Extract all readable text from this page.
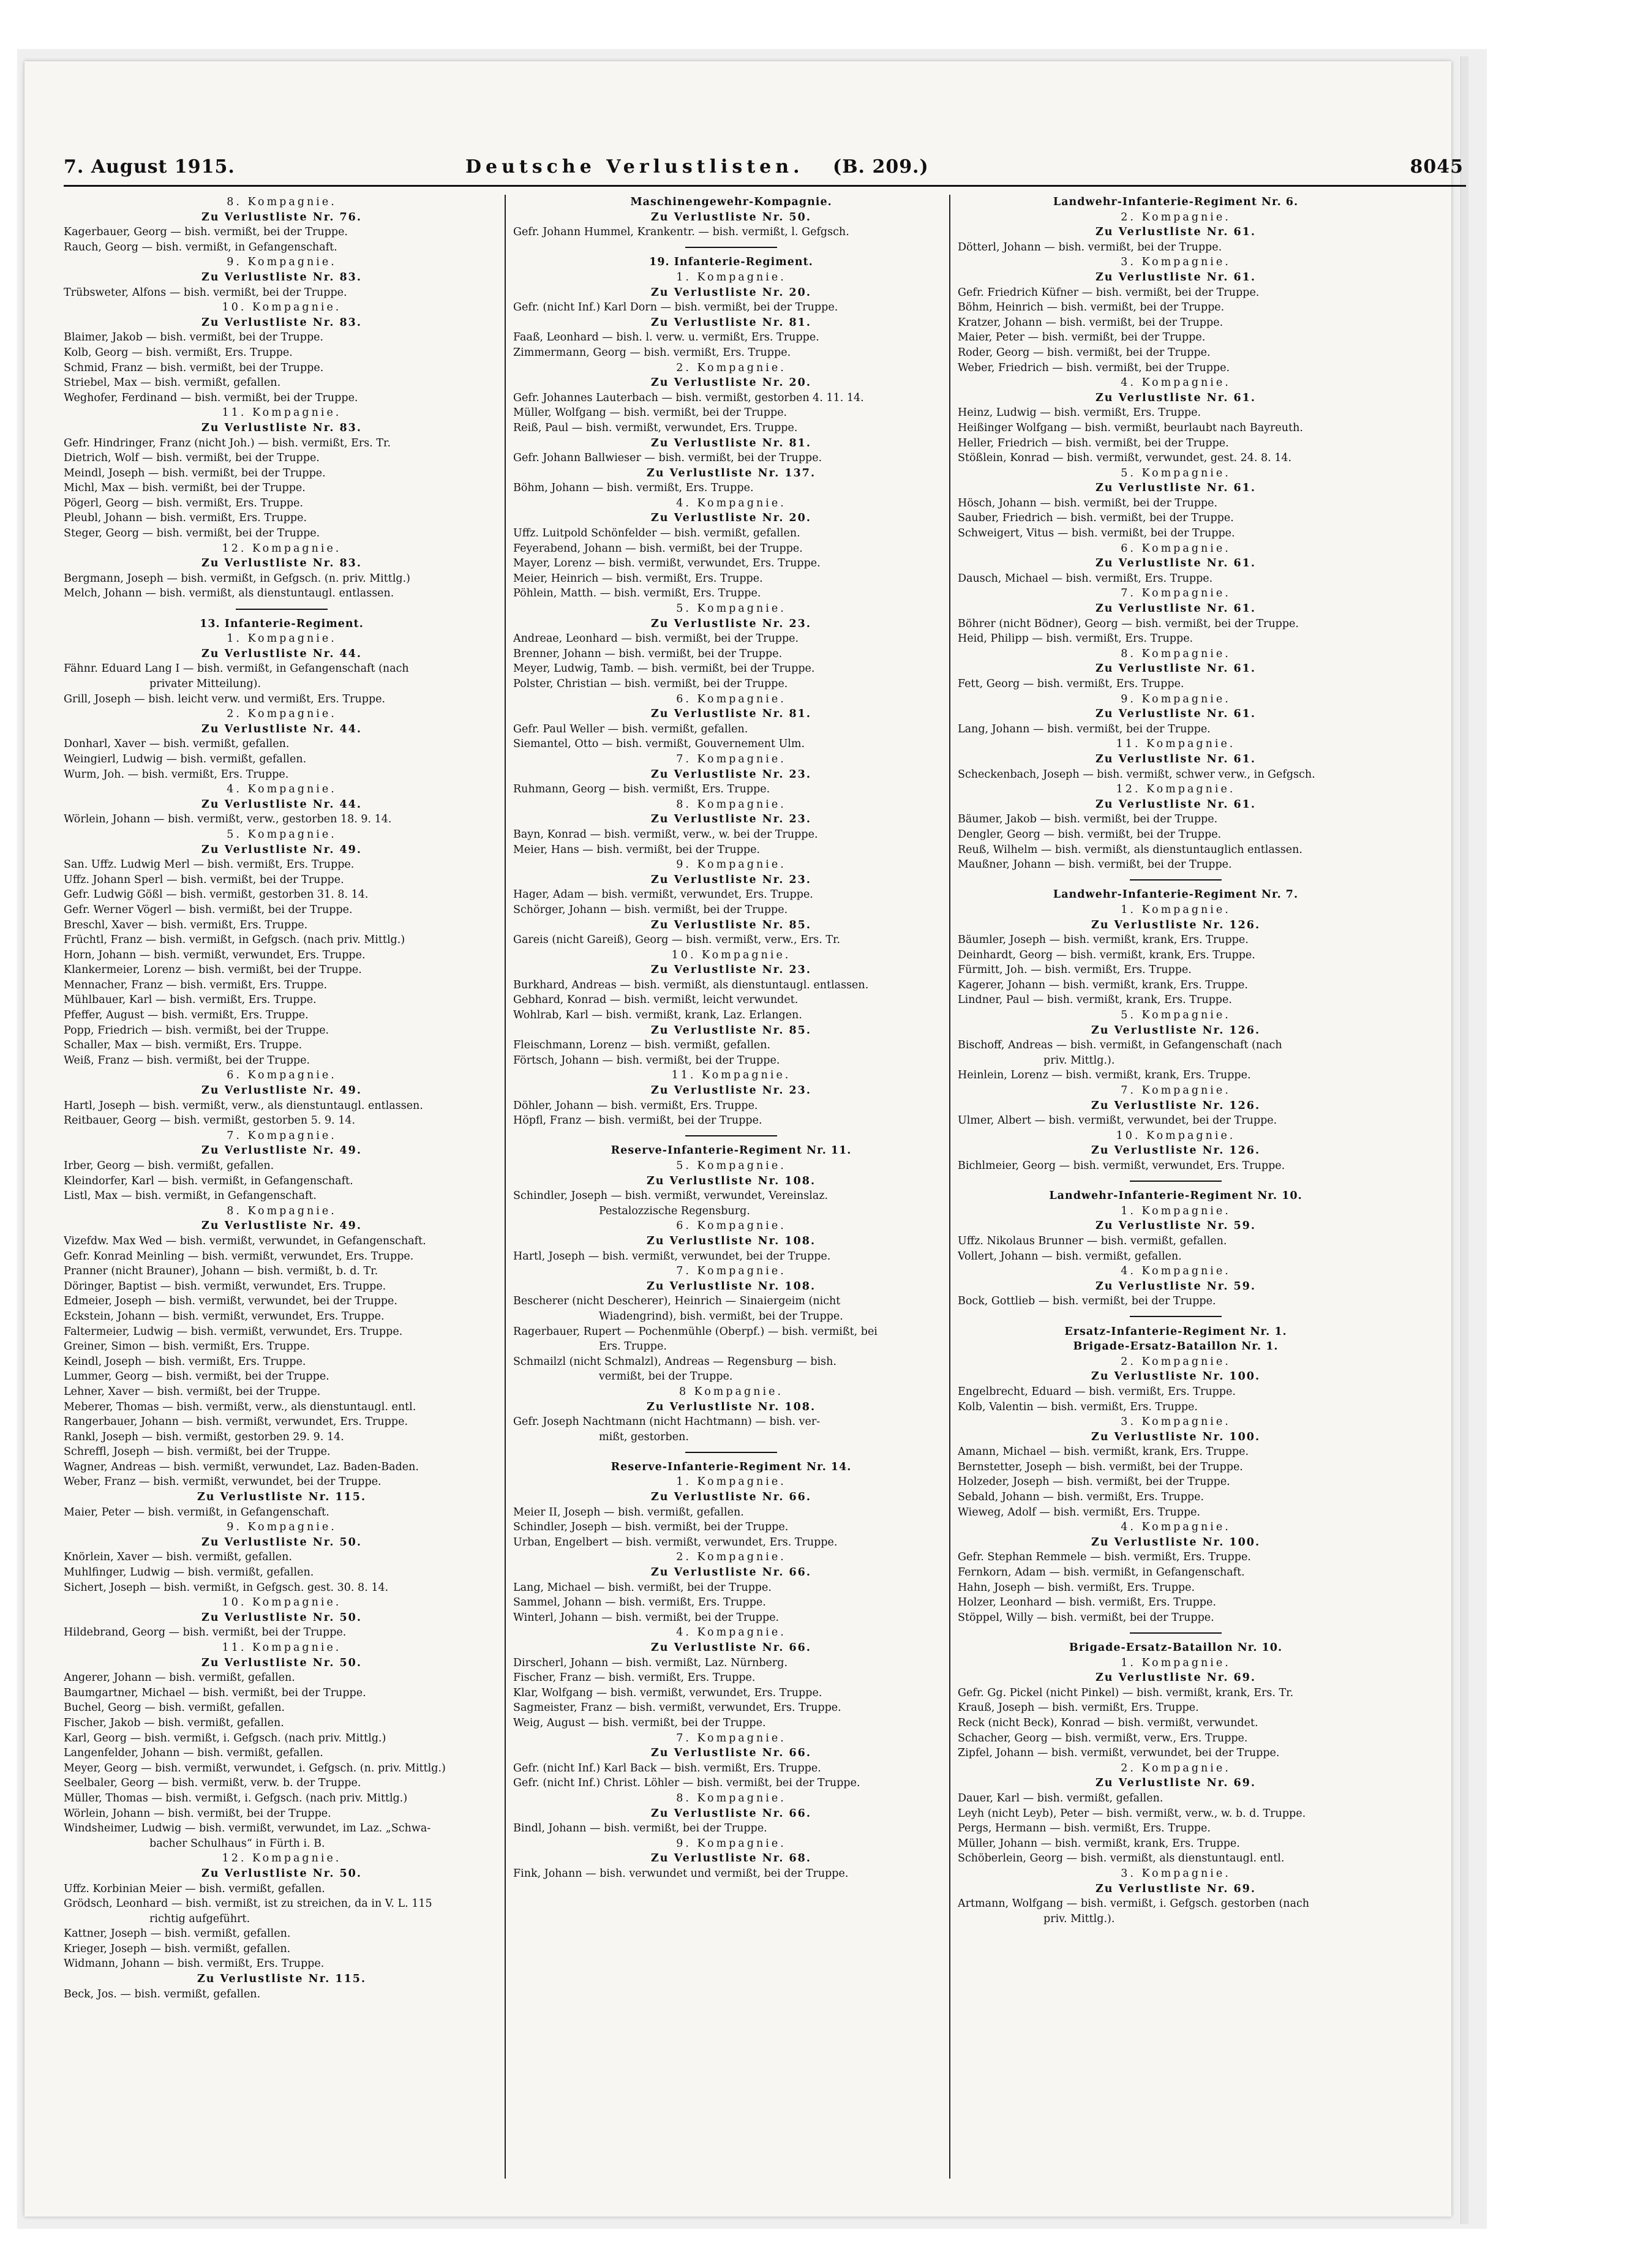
7. August 1915.	Deutsche Verlustlisten. (B. 209.)	8045
8. Kompagnie.
Zu Verlustliste Nr. 76.
Kagerbauer, Georg — bish. vermißt, bei der Truppe.
Rauch, Georg — bish. vermißt, in Gefangenschaft.
9. Kompagnie.
Zu Verlustliste Nr. 83.
Trübsweter, Alfons — bish. vermißt, bei der Truppe.
10. Kompagnie.
Zu Verlustliste Nr. 83.
Blaimer, Jakob — bish. vermißt, bei der Truppe.
Kolb, Georg — bish. vermißt, Ers. Truppe.
Schmid, Franz — bish. vermißt, bei der Truppe.
Striebel, Max — bish. vermißt, gefallen.
Weghofer, Ferdinand — bish. vermißt, bei der Truppe.
11. Kompagnie.
Zu Verlustliste Nr. 83.
Gefr. Hindringer, Franz (nicht Joh.) — bish. vermißt, Ers. Tr.
Dietrich, Wolf — bish. vermißt, bei der Truppe.
Meindl, Joseph — bish. vermißt, bei der Truppe.
Michl, Max — bish. vermißt, bei der Truppe.
Pögerl, Georg — bish. vermißt, Ers. Truppe.
Pleubl, Johann — bish. vermißt, Ers. Truppe.
Steger, Georg — bish. vermißt, bei der Truppe.
12. Kompagnie.
Zu Verlustliste Nr. 83.
Bergmann, Joseph — bish. vermißt, in Gefgsch. (n. priv. Mittlg.)
Melch, Johann — bish. vermißt, als dienstuntaugl. entlassen.
13. Infanterie-Regiment.
1. Kompagnie.
Zu Verlustliste Nr. 44.
Fähnr. Eduard Lang I — bish. vermißt, in Gefangenschaft (nach
privater Mitteilung).
Grill, Joseph — bish. leicht verw. und vermißt, Ers. Truppe.
2. Kompagnie.
Zu Verlustliste Nr. 44.
Donharl, Xaver — bish. vermißt, gefallen.
Weingierl, Ludwig — bish. vermißt, gefallen.
Wurm, Joh. — bish. vermißt, Ers. Truppe.
4. Kompagnie.
Zu Verlustliste Nr. 44.
Wörlein, Johann — bish. vermißt, verw., gestorben 18. 9. 14.
5. Kompagnie.
Zu Verlustliste Nr. 49.
San. Uffz. Ludwig Merl — bish. vermißt, Ers. Truppe.
Uffz. Johann Sperl — bish. vermißt, bei der Truppe.
Gefr. Ludwig Gößl — bish. vermißt, gestorben 31. 8. 14.
Gefr. Werner Vögerl — bish. vermißt, bei der Truppe.
Breschl, Xaver — bish. vermißt, Ers. Truppe.
Früchtl, Franz — bish. vermißt, in Gefgsch. (nach priv. Mittlg.)
Horn, Johann — bish. vermißt, verwundet, Ers. Truppe.
Klankermeier, Lorenz — bish. vermißt, bei der Truppe.
Mennacher, Franz — bish. vermißt, Ers. Truppe.
Mühlbauer, Karl — bish. vermißt, Ers. Truppe.
Pfeffer, August — bish. vermißt, Ers. Truppe.
Popp, Friedrich — bish. vermißt, bei der Truppe.
Schaller, Max — bish. vermißt, Ers. Truppe.
Weiß, Franz — bish. vermißt, bei der Truppe.
6. Kompagnie.
Zu Verlustliste Nr. 49.
Hartl, Joseph — bish. vermißt, verw., als dienstuntaugl. entlassen.
Reitbauer, Georg — bish. vermißt, gestorben 5. 9. 14.
7. Kompagnie.
Zu Verlustliste Nr. 49.
Irber, Georg — bish. vermißt, gefallen.
Kleindorfer, Karl — bish. vermißt, in Gefangenschaft.
Listl, Max — bish. vermißt, in Gefangenschaft.
8. Kompagnie.
Zu Verlustliste Nr. 49.
Vizefdw. Max Wed — bish. vermißt, verwundet, in Gefangenschaft.
Gefr. Konrad Meinling — bish. vermißt, verwundet, Ers. Truppe.
Pranner (nicht Brauner), Johann — bish. vermißt, b. d. Tr.
Döringer, Baptist — bish. vermißt, verwundet, Ers. Truppe.
Edmeier, Joseph — bish. vermißt, verwundet, bei der Truppe.
Eckstein, Johann — bish. vermißt, verwundet, Ers. Truppe.
Faltermeier, Ludwig — bish. vermißt, verwundet, Ers. Truppe.
Greiner, Simon — bish. vermißt, Ers. Truppe.
Keindl, Joseph — bish. vermißt, Ers. Truppe.
Lummer, Georg — bish. vermißt, bei der Truppe.
Lehner, Xaver — bish. vermißt, bei der Truppe.
Meberer, Thomas — bish. vermißt, verw., als dienstuntaugl. entl.
Rangerbauer, Johann — bish. vermißt, verwundet, Ers. Truppe.
Rankl, Joseph — bish. vermißt, gestorben 29. 9. 14.
Schreffl, Joseph — bish. vermißt, bei der Truppe.
Wagner, Andreas — bish. vermißt, verwundet, Laz. Baden-Baden.
Weber, Franz — bish. vermißt, verwundet, bei der Truppe.
Zu Verlustliste Nr. 115.
Maier, Peter — bish. vermißt, in Gefangenschaft.
9. Kompagnie.
Zu Verlustliste Nr. 50.
Knörlein, Xaver — bish. vermißt, gefallen.
Muhlfinger, Ludwig — bish. vermißt, gefallen.
Sichert, Joseph — bish. vermißt, in Gefgsch. gest. 30. 8. 14.
10. Kompagnie.
Zu Verlustliste Nr. 50.
Hildebrand, Georg — bish. vermißt, bei der Truppe.
11. Kompagnie.
Zu Verlustliste Nr. 50.
Angerer, Johann — bish. vermißt, gefallen.
Baumgartner, Michael — bish. vermißt, bei der Truppe.
Buchel, Georg — bish. vermißt, gefallen.
Fischer, Jakob — bish. vermißt, gefallen.
Karl, Georg — bish. vermißt, i. Gefgsch. (nach priv. Mittlg.)
Langenfelder, Johann — bish. vermißt, gefallen.
Meyer, Georg — bish. vermißt, verwundet, i. Gefgsch. (n. priv. Mittlg.)
Seelbaler, Georg — bish. vermißt, verw. b. der Truppe.
Müller, Thomas — bish. vermißt, i. Gefgsch. (nach priv. Mittlg.)
Wörlein, Johann — bish. vermißt, bei der Truppe.
Windsheimer, Ludwig — bish. vermißt, verwundet, im Laz. „Schwa-
bacher Schulhaus“ in Fürth i. B.
12. Kompagnie.
Zu Verlustliste Nr. 50.
Uffz. Korbinian Meier — bish. vermißt, gefallen.
Grödsch, Leonhard — bish. vermißt, ist zu streichen, da in V. L. 115
richtig aufgeführt.
Kattner, Joseph — bish. vermißt, gefallen.
Krieger, Joseph — bish. vermißt, gefallen.
Widmann, Johann — bish. vermißt, Ers. Truppe.
Zu Verlustliste Nr. 115.
Beck, Jos. — bish. vermißt, gefallen.
Maschinengewehr-Kompagnie.
Zu Verlustliste Nr. 50.
Gefr. Johann Hummel, Krankentr. — bish. vermißt, l. Gefgsch.
19. Infanterie-Regiment.
1. Kompagnie.
Zu Verlustliste Nr. 20.
Gefr. (nicht Inf.) Karl Dorn — bish. vermißt, bei der Truppe.
Zu Verlustliste Nr. 81.
Faaß, Leonhard — bish. l. verw. u. vermißt, Ers. Truppe.
Zimmermann, Georg — bish. vermißt, Ers. Truppe.
2. Kompagnie.
Zu Verlustliste Nr. 20.
Gefr. Johannes Lauterbach — bish. vermißt, gestorben 4. 11. 14.
Müller, Wolfgang — bish. vermißt, bei der Truppe.
Reiß, Paul — bish. vermißt, verwundet, Ers. Truppe.
Zu Verlustliste Nr. 81.
Gefr. Johann Ballwieser — bish. vermißt, bei der Truppe.
Zu Verlustliste Nr. 137.
Böhm, Johann — bish. vermißt, Ers. Truppe.
4. Kompagnie.
Zu Verlustliste Nr. 20.
Uffz. Luitpold Schönfelder — bish. vermißt, gefallen.
Feyerabend, Johann — bish. vermißt, bei der Truppe.
Mayer, Lorenz — bish. vermißt, verwundet, Ers. Truppe.
Meier, Heinrich — bish. vermißt, Ers. Truppe.
Pöhlein, Matth. — bish. vermißt, Ers. Truppe.
5. Kompagnie.
Zu Verlustliste Nr. 23.
Andreae, Leonhard — bish. vermißt, bei der Truppe.
Brenner, Johann — bish. vermißt, bei der Truppe.
Meyer, Ludwig, Tamb. — bish. vermißt, bei der Truppe.
Polster, Christian — bish. vermißt, bei der Truppe.
6. Kompagnie.
Zu Verlustliste Nr. 81.
Gefr. Paul Weller — bish. vermißt, gefallen.
Siemantel, Otto — bish. vermißt, Gouvernement Ulm.
7. Kompagnie.
Zu Verlustliste Nr. 23.
Ruhmann, Georg — bish. vermißt, Ers. Truppe.
8. Kompagnie.
Zu Verlustliste Nr. 23.
Bayn, Konrad — bish. vermißt, verw., w. bei der Truppe.
Meier, Hans — bish. vermißt, bei der Truppe.
9. Kompagnie.
Zu Verlustliste Nr. 23.
Hager, Adam — bish. vermißt, verwundet, Ers. Truppe.
Schörger, Johann — bish. vermißt, bei der Truppe.
Zu Verlustliste Nr. 85.
Gareis (nicht Gareiß), Georg — bish. vermißt, verw., Ers. Tr.
10. Kompagnie.
Zu Verlustliste Nr. 23.
Burkhard, Andreas — bish. vermißt, als dienstuntaugl. entlassen.
Gebhard, Konrad — bish. vermißt, leicht verwundet.
Wohlrab, Karl — bish. vermißt, krank, Laz. Erlangen.
Zu Verlustliste Nr. 85.
Fleischmann, Lorenz — bish. vermißt, gefallen.
Förtsch, Johann — bish. vermißt, bei der Truppe.
11. Kompagnie.
Zu Verlustliste Nr. 23.
Döhler, Johann — bish. vermißt, Ers. Truppe.
Höpfl, Franz — bish. vermißt, bei der Truppe.
Reserve-Infanterie-Regiment Nr. 11.
5. Kompagnie.
Zu Verlustliste Nr. 108.
Schindler, Joseph — bish. vermißt, verwundet, Vereinslaz.
Pestalozzische Regensburg.
6. Kompagnie.
Zu Verlustliste Nr. 108.
Hartl, Joseph — bish. vermißt, verwundet, bei der Truppe.
7. Kompagnie.
Zu Verlustliste Nr. 108.
Bescherer (nicht Descherer), Heinrich — Sinaiergeim (nicht
Wiadengrind), bish. vermißt, bei der Truppe.
Ragerbauer, Rupert — Pochenmühle (Oberpf.) — bish. vermißt, bei
Ers. Truppe.
Schmailzl (nicht Schmalzl), Andreas — Regensburg — bish.
vermißt, bei der Truppe.
8 Kompagnie.
Zu Verlustliste Nr. 108.
Gefr. Joseph Nachtmann (nicht Hachtmann) — bish. ver-
mißt, gestorben.
Reserve-Infanterie-Regiment Nr. 14.
1. Kompagnie.
Zu Verlustliste Nr. 66.
Meier II, Joseph — bish. vermißt, gefallen.
Schindler, Joseph — bish. vermißt, bei der Truppe.
Urban, Engelbert — bish. vermißt, verwundet, Ers. Truppe.
2. Kompagnie.
Zu Verlustliste Nr. 66.
Lang, Michael — bish. vermißt, bei der Truppe.
Sammel, Johann — bish. vermißt, Ers. Truppe.
Winterl, Johann — bish. vermißt, bei der Truppe.
4. Kompagnie.
Zu Verlustliste Nr. 66.
Dirscherl, Johann — bish. vermißt, Laz. Nürnberg.
Fischer, Franz — bish. vermißt, Ers. Truppe.
Klar, Wolfgang — bish. vermißt, verwundet, Ers. Truppe.
Sagmeister, Franz — bish. vermißt, verwundet, Ers. Truppe.
Weig, August — bish. vermißt, bei der Truppe.
7. Kompagnie.
Zu Verlustliste Nr. 66.
Gefr. (nicht Inf.) Karl Back — bish. vermißt, Ers. Truppe.
Gefr. (nicht Inf.) Christ. Löhler — bish. vermißt, bei der Truppe.
8. Kompagnie.
Zu Verlustliste Nr. 66.
Bindl, Johann — bish. vermißt, bei der Truppe.
9. Kompagnie.
Zu Verlustliste Nr. 68.
Fink, Johann — bish. verwundet und vermißt, bei der Truppe.
Landwehr-Infanterie-Regiment Nr. 6.
2. Kompagnie.
Zu Verlustliste Nr. 61.
Dötterl, Johann — bish. vermißt, bei der Truppe.
3. Kompagnie.
Zu Verlustliste Nr. 61.
Gefr. Friedrich Küfner — bish. vermißt, bei der Truppe.
Böhm, Heinrich — bish. vermißt, bei der Truppe.
Kratzer, Johann — bish. vermißt, bei der Truppe.
Maier, Peter — bish. vermißt, bei der Truppe.
Roder, Georg — bish. vermißt, bei der Truppe.
Weber, Friedrich — bish. vermißt, bei der Truppe.
4. Kompagnie.
Zu Verlustliste Nr. 61.
Heinz, Ludwig — bish. vermißt, Ers. Truppe.
Heißinger Wolfgang — bish. vermißt, beurlaubt nach Bayreuth.
Heller, Friedrich — bish. vermißt, bei der Truppe.
Stößlein, Konrad — bish. vermißt, verwundet, gest. 24. 8. 14.
5. Kompagnie.
Zu Verlustliste Nr. 61.
Hösch, Johann — bish. vermißt, bei der Truppe.
Sauber, Friedrich — bish. vermißt, bei der Truppe.
Schweigert, Vitus — bish. vermißt, bei der Truppe.
6. Kompagnie.
Zu Verlustliste Nr. 61.
Dausch, Michael — bish. vermißt, Ers. Truppe.
7. Kompagnie.
Zu Verlustliste Nr. 61.
Böhrer (nicht Bödner), Georg — bish. vermißt, bei der Truppe.
Heid, Philipp — bish. vermißt, Ers. Truppe.
8. Kompagnie.
Zu Verlustliste Nr. 61.
Fett, Georg — bish. vermißt, Ers. Truppe.
9. Kompagnie.
Zu Verlustliste Nr. 61.
Lang, Johann — bish. vermißt, bei der Truppe.
11. Kompagnie.
Zu Verlustliste Nr. 61.
Scheckenbach, Joseph — bish. vermißt, schwer verw., in Gefgsch.
12. Kompagnie.
Zu Verlustliste Nr. 61.
Bäumer, Jakob — bish. vermißt, bei der Truppe.
Dengler, Georg — bish. vermißt, bei der Truppe.
Reuß, Wilhelm — bish. vermißt, als dienstuntauglich entlassen.
Maußner, Johann — bish. vermißt, bei der Truppe.
Landwehr-Infanterie-Regiment Nr. 7.
1. Kompagnie.
Zu Verlustliste Nr. 126.
Bäumler, Joseph — bish. vermißt, krank, Ers. Truppe.
Deinhardt, Georg — bish. vermißt, krank, Ers. Truppe.
Fürmitt, Joh. — bish. vermißt, Ers. Truppe.
Kagerer, Johann — bish. vermißt, krank, Ers. Truppe.
Lindner, Paul — bish. vermißt, krank, Ers. Truppe.
5. Kompagnie.
Zu Verlustliste Nr. 126.
Bischoff, Andreas — bish. vermißt, in Gefangenschaft (nach
priv. Mittlg.).
Heinlein, Lorenz — bish. vermißt, krank, Ers. Truppe.
7. Kompagnie.
Zu Verlustliste Nr. 126.
Ulmer, Albert — bish. vermißt, verwundet, bei der Truppe.
10. Kompagnie.
Zu Verlustliste Nr. 126.
Bichlmeier, Georg — bish. vermißt, verwundet, Ers. Truppe.
Landwehr-Infanterie-Regiment Nr. 10.
1. Kompagnie.
Zu Verlustliste Nr. 59.
Uffz. Nikolaus Brunner — bish. vermißt, gefallen.
Vollert, Johann — bish. vermißt, gefallen.
4. Kompagnie.
Zu Verlustliste Nr. 59.
Bock, Gottlieb — bish. vermißt, bei der Truppe.
Ersatz-Infanterie-Regiment Nr. 1.
Brigade-Ersatz-Bataillon Nr. 1.
2. Kompagnie.
Zu Verlustliste Nr. 100.
Engelbrecht, Eduard — bish. vermißt, Ers. Truppe.
Kolb, Valentin — bish. vermißt, Ers. Truppe.
3. Kompagnie.
Zu Verlustliste Nr. 100.
Amann, Michael — bish. vermißt, krank, Ers. Truppe.
Bernstetter, Joseph — bish. vermißt, bei der Truppe.
Holzeder, Joseph — bish. vermißt, bei der Truppe.
Sebald, Johann — bish. vermißt, Ers. Truppe.
Wieweg, Adolf — bish. vermißt, Ers. Truppe.
4. Kompagnie.
Zu Verlustliste Nr. 100.
Gefr. Stephan Remmele — bish. vermißt, Ers. Truppe.
Fernkorn, Adam — bish. vermißt, in Gefangenschaft.
Hahn, Joseph — bish. vermißt, Ers. Truppe.
Holzer, Leonhard — bish. vermißt, Ers. Truppe.
Stöppel, Willy — bish. vermißt, bei der Truppe.
Brigade-Ersatz-Bataillon Nr. 10.
1. Kompagnie.
Zu Verlustliste Nr. 69.
Gefr. Gg. Pickel (nicht Pinkel) — bish. vermißt, krank, Ers. Tr.
Krauß, Joseph — bish. vermißt, Ers. Truppe.
Reck (nicht Beck), Konrad — bish. vermißt, verwundet.
Schacher, Georg — bish. vermißt, verw., Ers. Truppe.
Zipfel, Johann — bish. vermißt, verwundet, bei der Truppe.
2. Kompagnie.
Zu Verlustliste Nr. 69.
Dauer, Karl — bish. vermißt, gefallen.
Leyh (nicht Leyb), Peter — bish. vermißt, verw., w. b. d. Truppe.
Pergs, Hermann — bish. vermißt, Ers. Truppe.
Müller, Johann — bish. vermißt, krank, Ers. Truppe.
Schöberlein, Georg — bish. vermißt, als dienstuntaugl. entl.
3. Kompagnie.
Zu Verlustliste Nr. 69.
Artmann, Wolfgang — bish. vermißt, i. Gefgsch. gestorben (nach
priv. Mittlg.).
